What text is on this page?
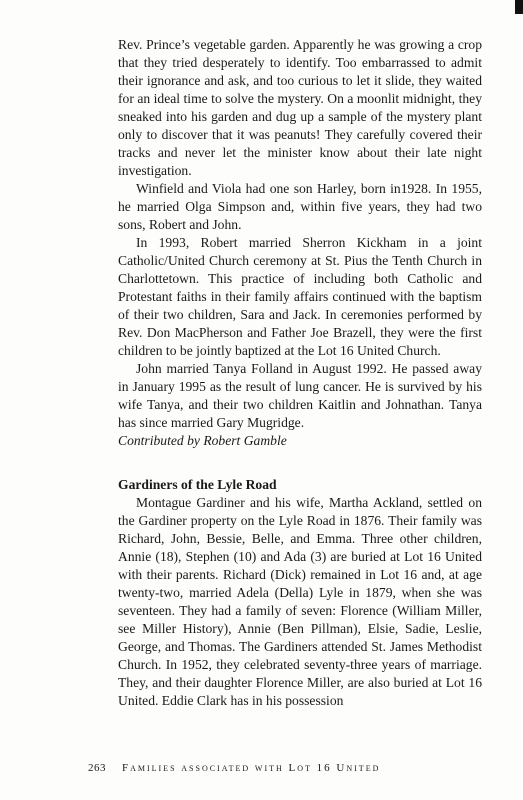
Rev. Prince’s vegetable garden. Apparently he was growing a crop that they tried desperately to identify. Too embarrassed to admit their ignorance and ask, and too curious to let it slide, they waited for an ideal time to solve the mystery. On a moonlit midnight, they sneaked into his garden and dug up a sample of the mystery plant only to discover that it was peanuts! They carefully covered their tracks and never let the minister know about their late night investigation.

Winfield and Viola had one son Harley, born in1928. In 1955, he married Olga Simpson and, within five years, they had two sons, Robert and John.

In 1993, Robert married Sherron Kickham in a joint Catholic/United Church ceremony at St. Pius the Tenth Church in Charlottetown. This practice of including both Catholic and Protestant faiths in their family affairs continued with the baptism of their two children, Sara and Jack. In ceremonies performed by Rev. Don MacPherson and Father Joe Brazell, they were the first children to be jointly baptized at the Lot 16 United Church.

John married Tanya Folland in August 1992. He passed away in January 1995 as the result of lung cancer. He is survived by his wife Tanya, and their two children Kaitlin and Johnathan. Tanya has since married Gary Mugridge.

Contributed by Robert Gamble

Gardiners of the Lyle Road

Montague Gardiner and his wife, Martha Ackland, settled on the Gardiner property on the Lyle Road in 1876. Their family was Richard, John, Bessie, Belle, and Emma. Three other children, Annie (18), Stephen (10) and Ada (3) are buried at Lot 16 United with their parents. Richard (Dick) remained in Lot 16 and, at age twenty-two, married Adela (Della) Lyle in 1879, when she was seventeen. They had a family of seven: Florence (William Miller, see Miller History), Annie (Ben Pillman), Elsie, Sadie, Leslie, George, and Thomas. The Gardiners attended St. James Methodist Church. In 1952, they celebrated seventy-three years of marriage. They, and their daughter Florence Miller, are also buried at Lot 16 United. Eddie Clark has in his possession

263 Families associated with Lot 16 United
